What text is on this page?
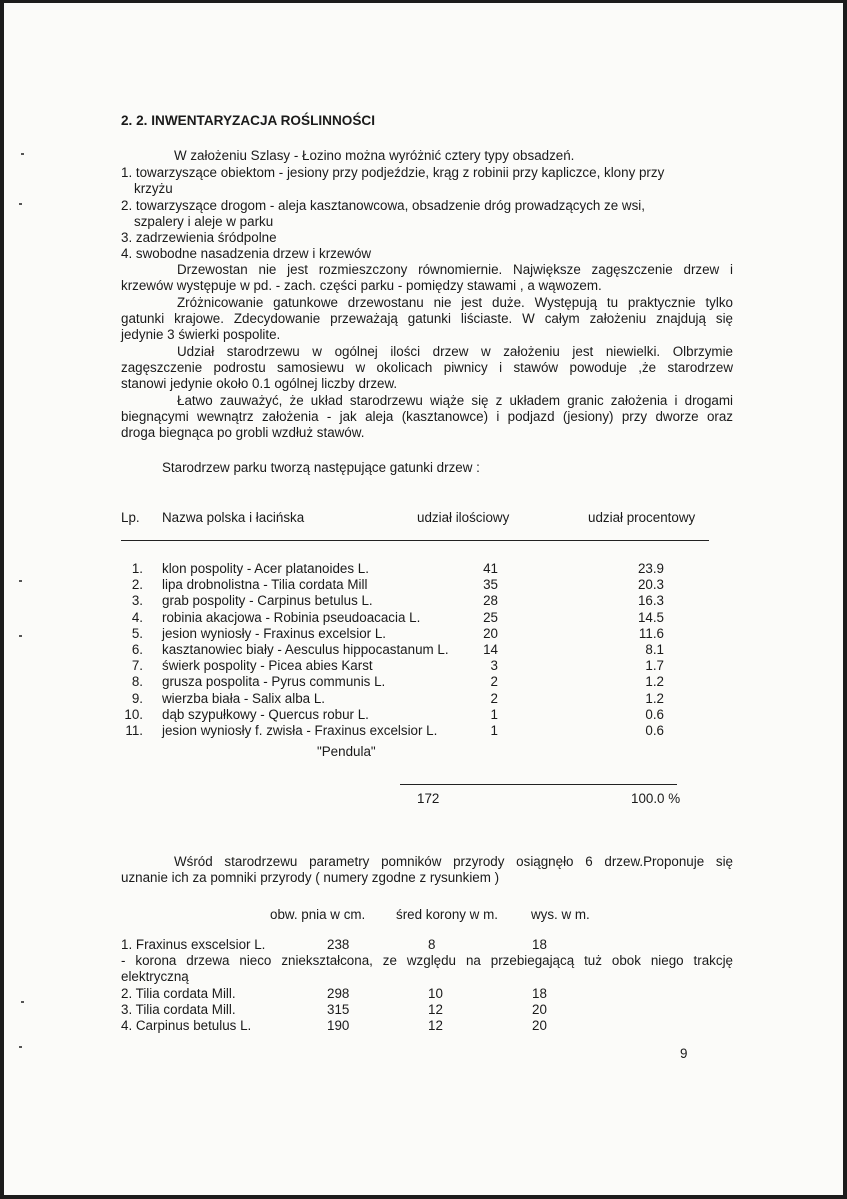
2. 2. INWENTARYZACJA ROŚLINNOŚCI
W założeniu Szlasy - Łozino można wyróżnić cztery typy obsadzeń.
1. towarzyszące obiektom - jesiony przy podjeździe, krąg z robinii przy kapliczce, klony przy
krzyżu
2. towarzyszące drogom - aleja kasztanowcowa, obsadzenie dróg prowadzących ze wsi,
szpalery i aleje w parku
3. zadrzewienia śródpolne
4. swobodne nasadzenia drzew i krzewów
Drzewostan nie jest rozmieszczony równomiernie. Największe zagęszczenie drzew i
krzewów występuje w pd. - zach. części parku - pomiędzy stawami , a wąwozem.
Zróżnicowanie gatunkowe drzewostanu nie jest duże. Występują tu praktycznie tylko
gatunki krajowe. Zdecydowanie przeważają gatunki liściaste. W całym założeniu znajdują się
jedynie 3 świerki pospolite.
Udział starodrzewu w ogólnej ilości drzew w założeniu jest niewielki. Olbrzymie
zagęszczenie podrostu samosiewu w okolicach piwnicy i stawów powoduje ,że starodrzew
stanowi jedynie około 0.1 ogólnej liczby drzew.
Łatwo zauważyć, że układ starodrzewu wiąże się z układem granic założenia i drogami
biegnącymi wewnątrz założenia - jak aleja (kasztanowce) i podjazd (jesiony) przy dworze oraz
droga biegnąca po grobli wzdłuż stawów.
Starodrzew parku tworzą następujące gatunki drzew :
Lp. Nazwa polska i łacińska	udział ilościowy	udział procentowy
1. klon pospolity - Acer platanoides L.	41	23.9
2. lipa drobnolistna - Tilia cordata Mill	35	20.3
3. grab pospolity - Carpinus betulus L.	28	16.3
4. robinia akacjowa - Robinia pseudoacacia L.	25	14.5
5. jesion wyniosły - Fraxinus excelsior L.	20	11.6
6. kasztanowiec biały - Aesculus hippocastanum L.	14	8.1
7. świerk pospolity - Picea abies Karst	3	1.7
8. grusza pospolita - Pyrus communis L.	2	1.2
9. wierzba biała - Salix alba L.	2	1.2
10. dąb szypułkowy - Quercus robur L.	1	0.6
11. jesion wyniosły f. zwisła - Fraxinus excelsior L.	1	0.6
"Pendula"
172	100.0 %
Wśród starodrzewu parametry pomników przyrody osiągnęło 6 drzew.Proponuje się
uznanie ich za pomniki przyrody ( numery zgodne z rysunkiem )
obw. pnia w cm. śred korony w m. wys. w m.
1. Fraxinus exscelsior L.	238	8	18
- korona drzewa nieco zniekształcona, ze względu na przebiegającą tuż obok niego trakcję
elektryczną
2. Tilia cordata Mill.	298	10	18
3. Tilia cordata Mill.	315	12	20
4. Carpinus betulus L.	190	12	20
9
